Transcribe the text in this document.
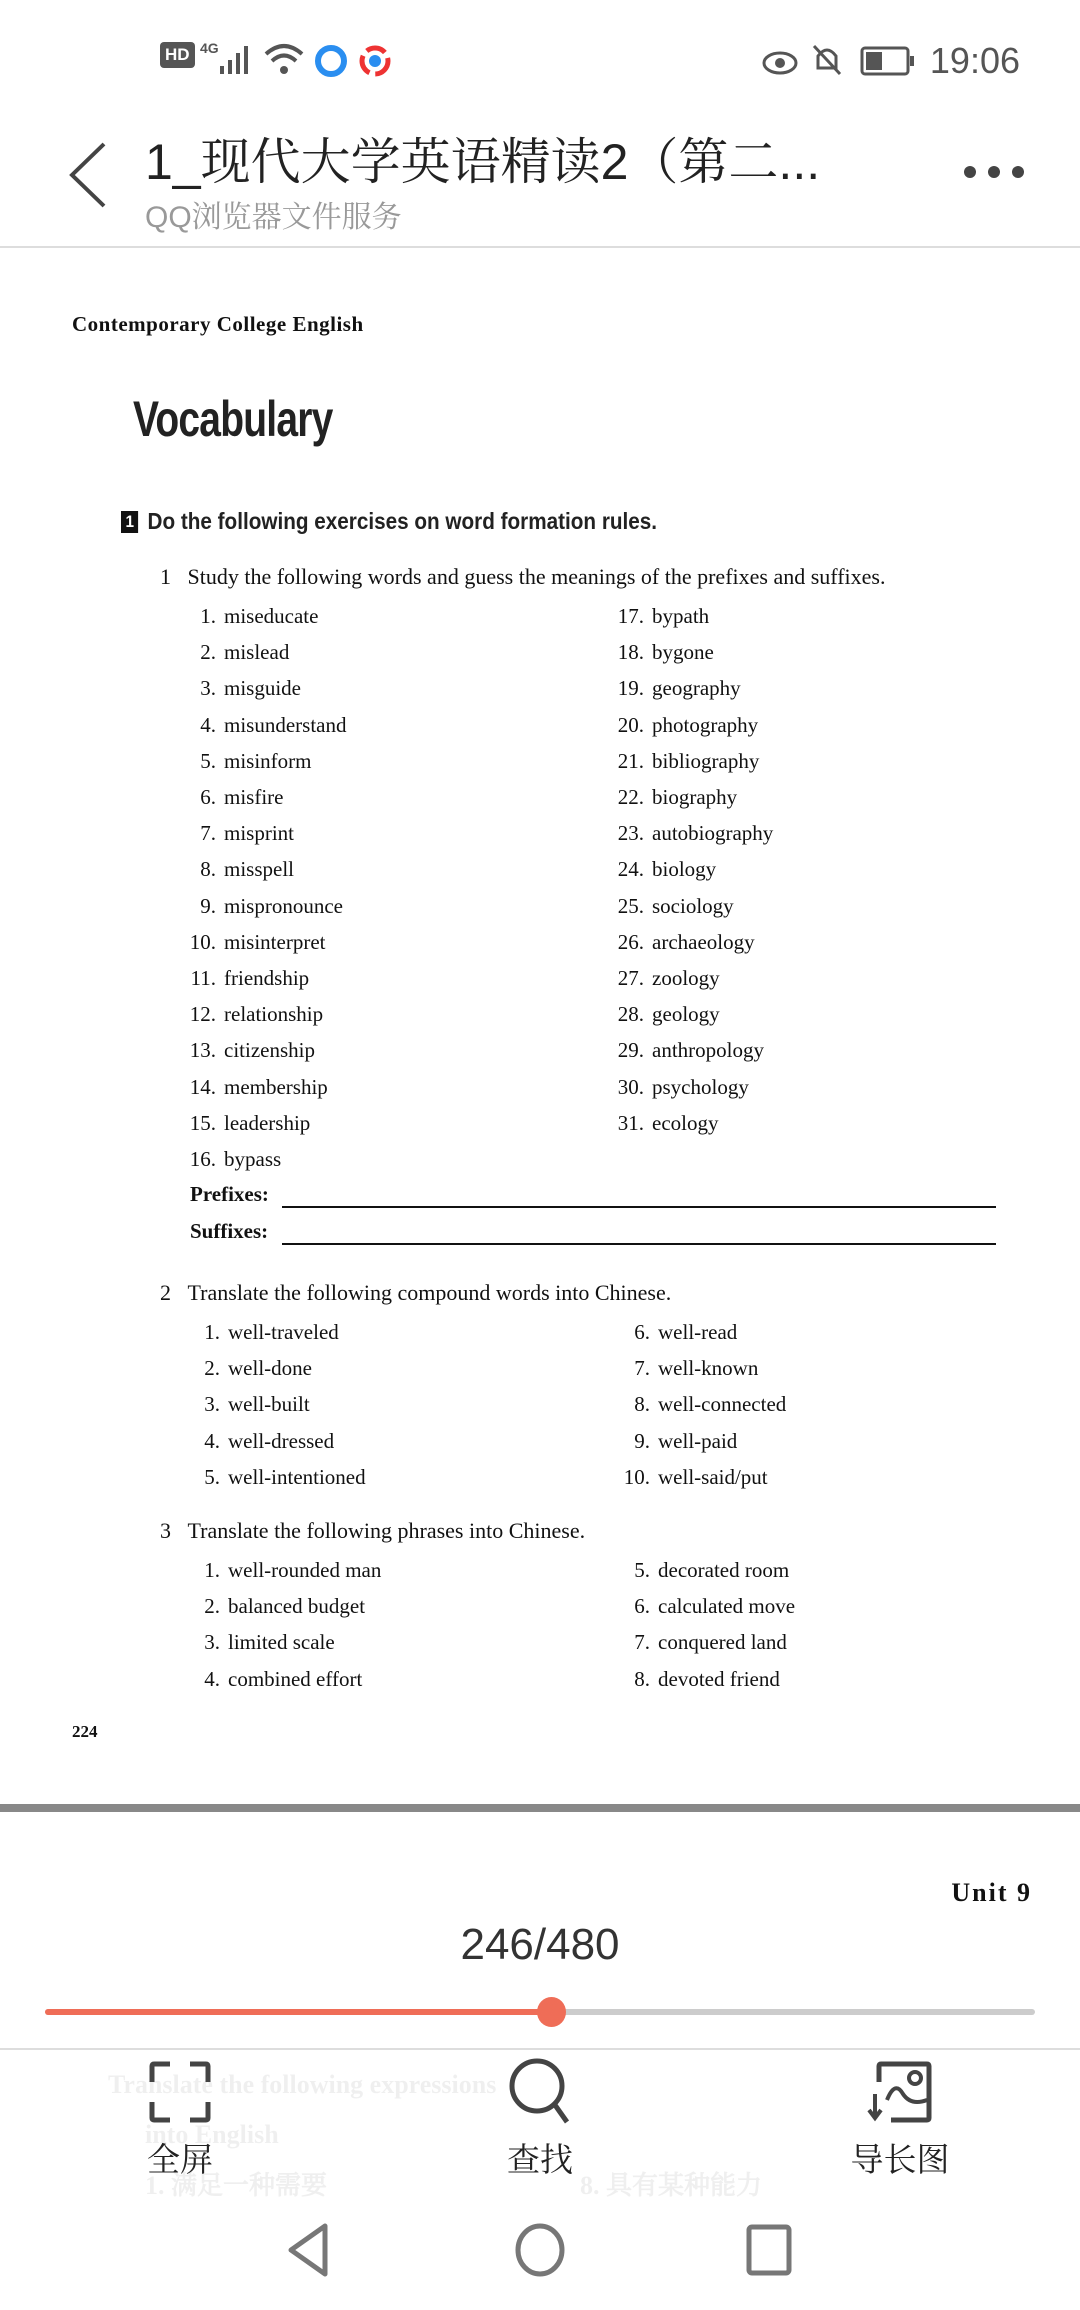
HD 4G	19:06
1_现代大学英语精读2（第二...
QQ浏览器文件服务
Contemporary College English
Vocabulary
1 Do the following exercises on word formation rules.
1 Study the following words and guess the meanings of the prefixes and suffixes.
1. miseducate
2. mislead
3. misguide
4. misunderstand
5. misinform
6. misfire
7. misprint
8. misspell
9. mispronounce
10. misinterpret
11. friendship
12. relationship
13. citizenship
14. membership
15. leadership
16. bypass
17. bypath
18. bygone
19. geography
20. photography
21. bibliography
22. biography
23. autobiography
24. biology
25. sociology
26. archaeology
27. zoology
28. geology
29. anthropology
30. psychology
31. ecology
Prefixes:
Suffixes:
2 Translate the following compound words into Chinese.
1. well-traveled
2. well-done
3. well-built
4. well-dressed
5. well-intentioned
6. well-read
7. well-known
8. well-connected
9. well-paid
10. well-said/put
3 Translate the following phrases into Chinese.
1. well-rounded man
2. balanced budget
3. limited scale
4. combined effort
5. decorated room
6. calculated move
7. conquered land
8. devoted friend
224
Unit 9
Translate the following expressions
into English
1. 满足一种需要	8. 具有某种能力
246/480
全屏	查找	导长图
